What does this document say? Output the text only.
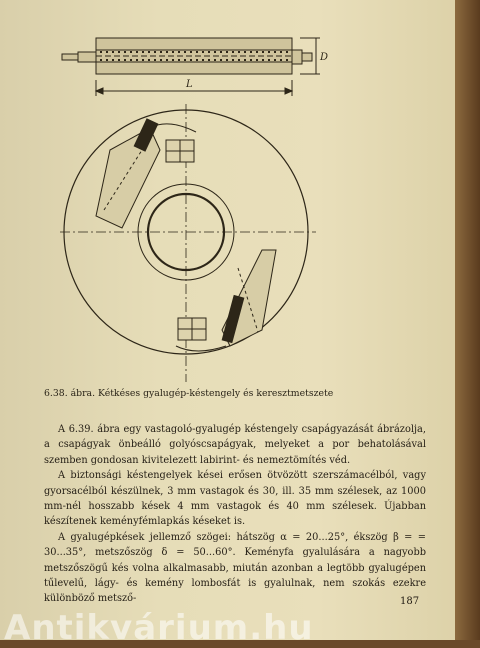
L
D
6.38. ábra. Kétkéses gyalugép-késtengely és keresztmetszete

A 6.39. ábra egy vastagoló-gyalugép késtengely csapágyazását ábrázolja, a csapágyak önbeálló golyóscsapágyak, melyeket a por behatolásával szemben gondosan kivitelezett labirint- és nemeztömítés véd.

A biztonsági késtengelyek kései erősen ötvözött szerszámacélból, vagy gyorsacélból készülnek, 3 mm vastagok és 30, ill. 35 mm szélesek, az 1000 mm-nél hosszabb kések 4 mm vastagok és 40 mm szélesek. Újabban készítenek keményfémlapkás késeket is.

A gyalugépkések jellemző szögei: hátszög α = 20...25°, ékszög β = = 30...35°, metszőszög δ = 50...60°. Keményfa gyalulására a nagyobb metszőszögű kés volna alkalmasabb, miután azonban a legtöbb gyalugépen tűlevelű, lágy- és kemény lombosfát is gyalulnak, nem szokás ezekre különböző metsző-	187
Antikvárium.hu
